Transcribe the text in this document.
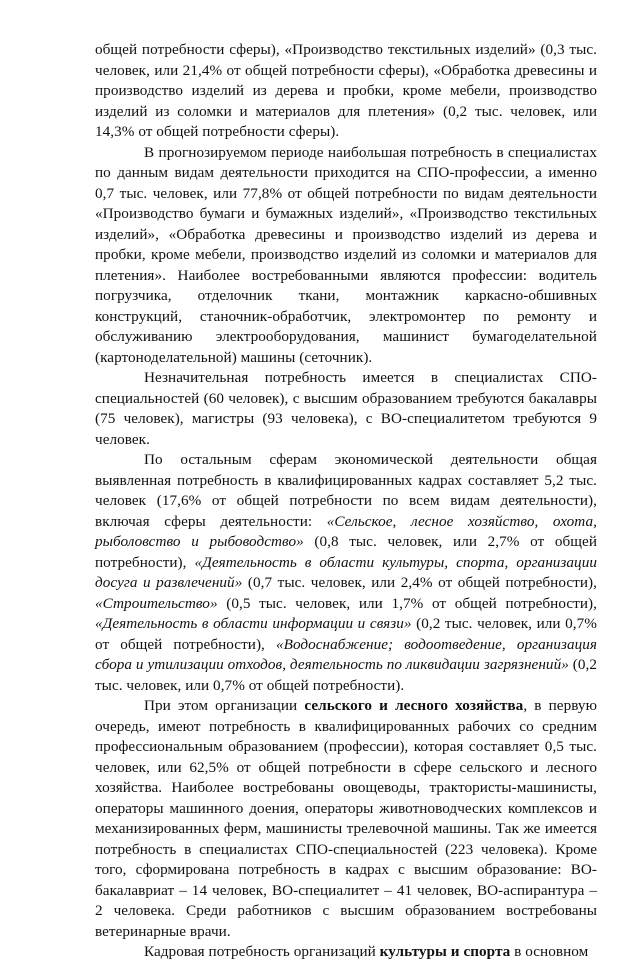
общей потребности сферы), «Производство текстильных изделий» (0,3 тыс. человек, или 21,4% от общей потребности сферы), «Обработка древесины и производство изделий из дерева и пробки, кроме мебели, производство изделий из соломки и материалов для плетения» (0,2 тыс. человек, или 14,3% от общей потребности сферы).

В прогнозируемом периоде наибольшая потребность в специалистах по данным видам деятельности приходится на СПО-профессии, а именно 0,7 тыс. человек, или 77,8% от общей потребности по видам деятельности «Производство бумаги и бумажных изделий», «Производство текстильных изделий», «Обработка древесины и производство изделий из дерева и пробки, кроме мебели, производство изделий из соломки и материалов для плетения». Наиболее востребованными являются профессии: водитель погрузчика, отделочник ткани, монтажник каркасно-обшивных конструкций, станочник-обработчик, электромонтер по ремонту и обслуживанию электрооборудования, машинист бумагоделательной (картоноделательной) машины (сеточник).

Незначительная потребность имеется в специалистах СПО-специальностей (60 человек), с высшим образованием требуются бакалавры (75 человек), магистры (93 человека), с ВО-специалитетом требуются 9 человек.

По остальным сферам экономической деятельности общая выявленная потребность в квалифицированных кадрах составляет 5,2 тыс. человек (17,6% от общей потребности по всем видам деятельности), включая сферы деятельности: «Сельское, лесное хозяйство, охота, рыболовство и рыбоводство» (0,8 тыс. человек, или 2,7% от общей потребности), «Деятельность в области культуры, спорта, организации досуга и развлечений» (0,7 тыс. человек, или 2,4% от общей потребности), «Строительство» (0,5 тыс. человек, или 1,7% от общей потребности), «Деятельность в области информации и связи» (0,2 тыс. человек, или 0,7% от общей потребности), «Водоснабжение; водоотведение, организация сбора и утилизации отходов, деятельность по ликвидации загрязнений» (0,2 тыс. человек, или 0,7% от общей потребности).

При этом организации сельского и лесного хозяйства, в первую очередь, имеют потребность в квалифицированных рабочих со средним профессиональным образованием (профессии), которая составляет 0,5 тыс. человек, или 62,5% от общей потребности в сфере сельского и лесного хозяйства. Наиболее востребованы овощеводы, трактористы-машинисты, операторы машинного доения, операторы животноводческих комплексов и механизированных ферм, машинисты трелевочной машины. Так же имеется потребность в специалистах СПО-специальностей (223 человека). Кроме того, сформирована потребность в кадрах с высшим образование: ВО-бакалавриат – 14 человек, ВО-специалитет – 41 человек, ВО-аспирантура – 2 человека. Среди работников с высшим образованием востребованы ветеринарные врачи.

Кадровая потребность организаций культуры и спорта в основном
